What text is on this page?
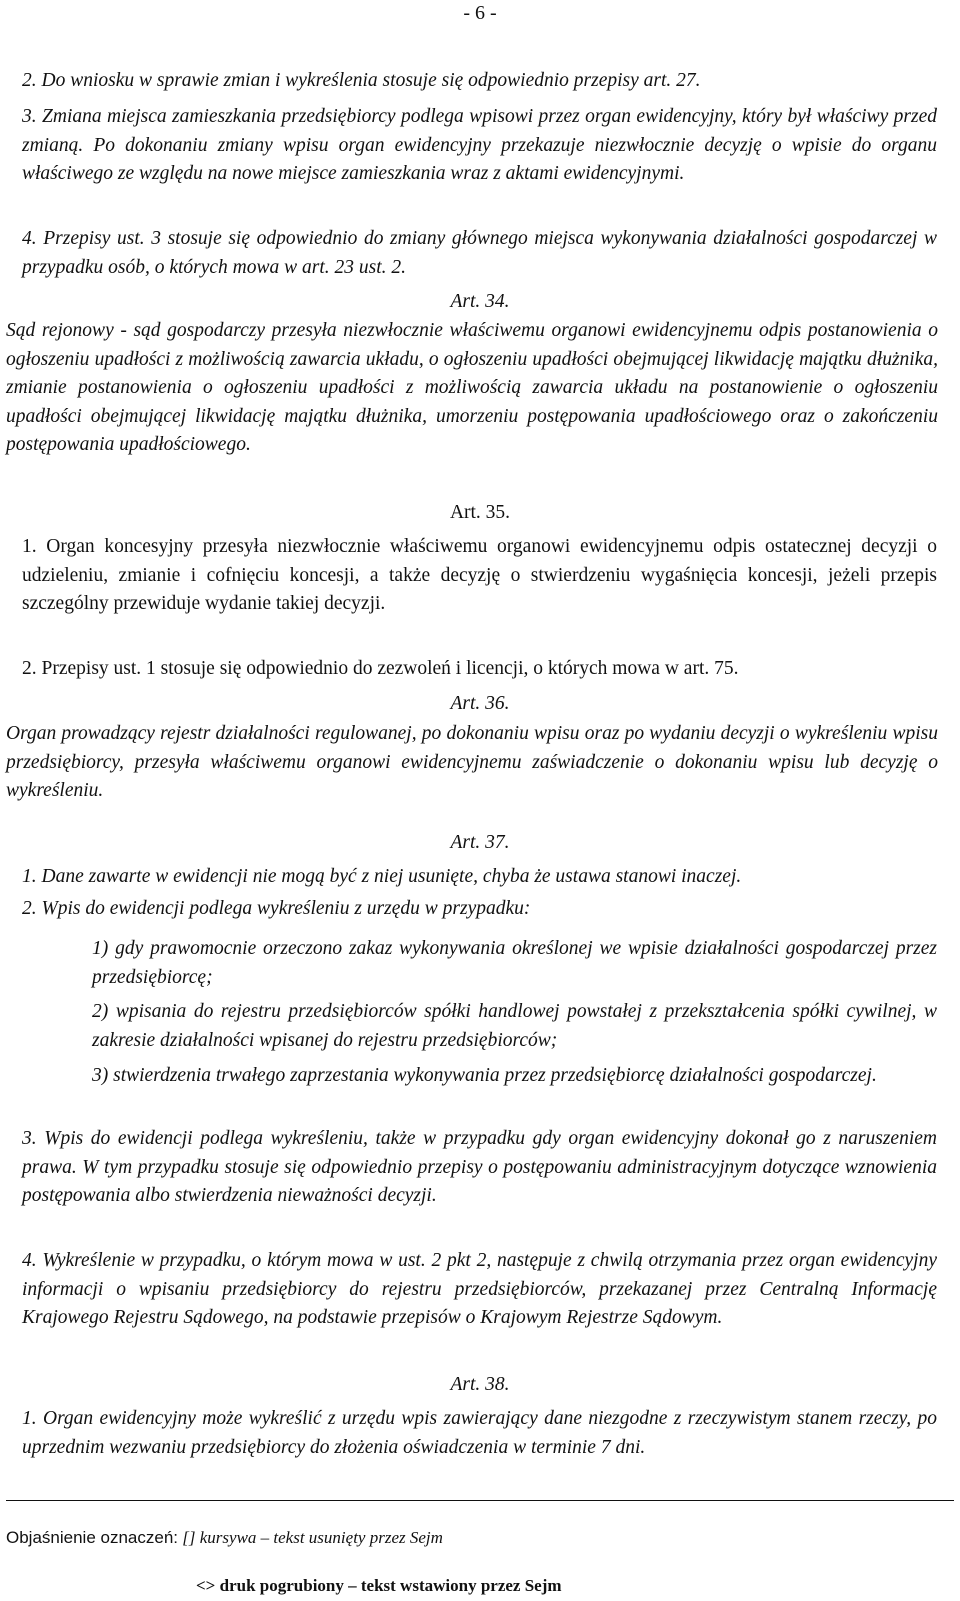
- 6 -

2. Do wniosku w sprawie zmian i wykreślenia stosuje się odpowiednio przepisy art. 27.

3. Zmiana miejsca zamieszkania przedsiębiorcy podlega wpisowi przez organ ewidencyjny, który był właściwy przed zmianą. Po dokonaniu zmiany wpisu organ ewidencyjny przekazuje niezwłocznie decyzję o wpisie do organu właściwego ze względu na nowe miejsce zamieszkania wraz z aktami ewidencyjnymi.

4. Przepisy ust. 3 stosuje się odpowiednio do zmiany głównego miejsca wykonywania działalności gospodarczej w przypadku osób, o których mowa w art. 23 ust. 2.

Art. 34.

Sąd rejonowy - sąd gospodarczy przesyła niezwłocznie właściwemu organowi ewidencyjnemu odpis postanowienia o ogłoszeniu upadłości z możliwością zawarcia układu, o ogłoszeniu upadłości obejmującej likwidację majątku dłużnika, zmianie postanowienia o ogłoszeniu upadłości z możliwością zawarcia układu na postanowienie o ogłoszeniu upadłości obejmującej likwidację majątku dłużnika, umorzeniu postępowania upadłościowego oraz o zakończeniu postępowania upadłościowego.

Art. 35.

1. Organ koncesyjny przesyła niezwłocznie właściwemu organowi ewidencyjnemu odpis ostatecznej decyzji o udzieleniu, zmianie i cofnięciu koncesji, a także decyzję o stwierdzeniu wygaśnięcia koncesji, jeżeli przepis szczególny przewiduje wydanie takiej decyzji.

2. Przepisy ust. 1 stosuje się odpowiednio do zezwoleń i licencji, o których mowa w art. 75.

Art. 36.

Organ prowadzący rejestr działalności regulowanej, po dokonaniu wpisu oraz po wydaniu decyzji o wykreśleniu wpisu przedsiębiorcy, przesyła właściwemu organowi ewidencyjnemu zaświadczenie o dokonaniu wpisu lub decyzję o wykreśleniu.

Art. 37.

1. Dane zawarte w ewidencji nie mogą być z niej usunięte, chyba że ustawa stanowi inaczej.

2. Wpis do ewidencji podlega wykreśleniu z urzędu w przypadku:

1) gdy prawomocnie orzeczono zakaz wykonywania określonej we wpisie działalności gospodarczej przez przedsiębiorcę;

2) wpisania do rejestru przedsiębiorców spółki handlowej powstałej z przekształcenia spółki cywilnej, w zakresie działalności wpisanej do rejestru przedsiębiorców;

3) stwierdzenia trwałego zaprzestania wykonywania przez przedsiębiorcę działalności gospodarczej.

3. Wpis do ewidencji podlega wykreśleniu, także w przypadku gdy organ ewidencyjny dokonał go z naruszeniem prawa. W tym przypadku stosuje się odpowiednio przepisy o postępowaniu administracyjnym dotyczące wznowienia postępowania albo stwierdzenia nieważności decyzji.

4. Wykreślenie w przypadku, o którym mowa w ust. 2 pkt 2, następuje z chwilą otrzymania przez organ ewidencyjny informacji o wpisaniu przedsiębiorcy do rejestru przedsiębiorców, przekazanej przez Centralną Informację Krajowego Rejestru Sądowego, na podstawie przepisów o Krajowym Rejestrze Sądowym.

Art. 38.

1. Organ ewidencyjny może wykreślić z urzędu wpis zawierający dane niezgodne z rzeczywistym stanem rzeczy, po uprzednim wezwaniu przedsiębiorcy do złożenia oświadczenia w terminie 7 dni.

Objaśnienie oznaczeń: [] kursywa – tekst usunięty przez Sejm
<> druk pogrubiony – tekst wstawiony przez Sejm
